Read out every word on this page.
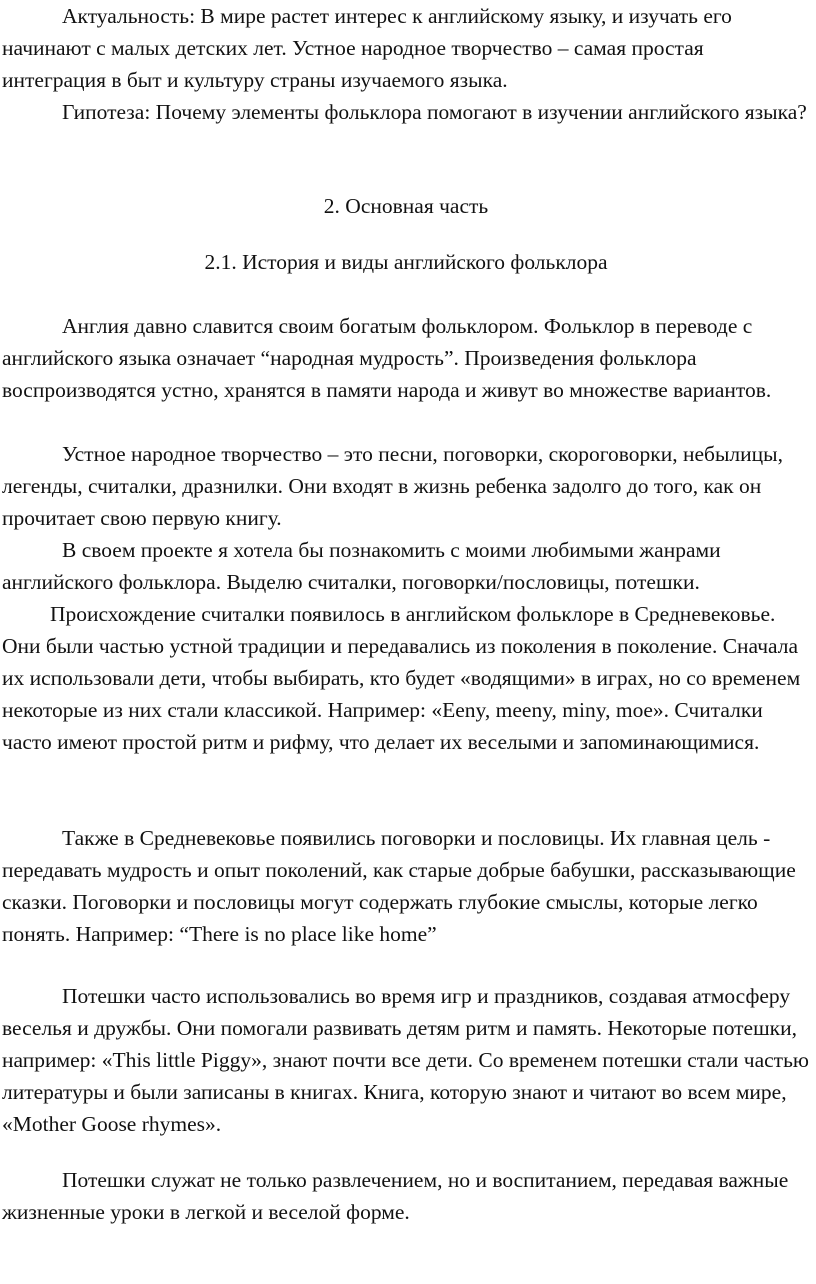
Актуальность: В мире растет интерес к английскому языку, и изучать его начинают с малых детских лет. Устное народное творчество – самая простая интеграция в быт и культуру страны изучаемого языка.

Гипотеза: Почему элементы фольклора помогают в изучении английского языка?

2. Основная часть

2.1. История и виды английского фольклора

Англия давно славится своим богатым фольклором. Фольклор в переводе с английского языка означает “народная мудрость”. Произведения фольклора воспроизводятся устно, хранятся в памяти народа и живут во множестве вариантов.

Устное народное творчество – это песни, поговорки, скороговорки, небылицы, легенды, считалки, дразнилки. Они входят в жизнь ребенка задолго до того, как он прочитает свою первую книгу.

В своем проекте я хотела бы познакомить с моими любимыми жанрами английского фольклора. Выделю считалки, поговорки/пословицы, потешки.

Происхождение считалки появилось в английском фольклоре в Средневековье. Они были частью устной традиции и передавались из поколения в поколение. Сначала их использовали дети, чтобы выбирать, кто будет «водящими» в играх, но со временем некоторые из них стали классикой. Например: «Eeny, meeny, miny, moe». Считалки часто имеют простой ритм и рифму, что делает их веселыми и запоминающимися.

Также в Средневековье появились поговорки и пословицы. Их главная цель - передавать мудрость и опыт поколений, как старые добрые бабушки, рассказывающие сказки. Поговорки и пословицы могут содержать глубокие смыслы, которые легко понять. Например: “There is no place like home”

Потешки часто использовались во время игр и праздников, создавая атмосферу веселья и дружбы. Они помогали развивать детям ритм и память. Некоторые потешки, например: «This little Piggy», знают почти все дети. Со временем потешки стали частью литературы и были записаны в книгах. Книга, которую знают и читают во всем мире, «Mother Goose rhymes».

Потешки служат не только развлечением, но и воспитанием, передавая важные жизненные уроки в легкой и веселой форме.
